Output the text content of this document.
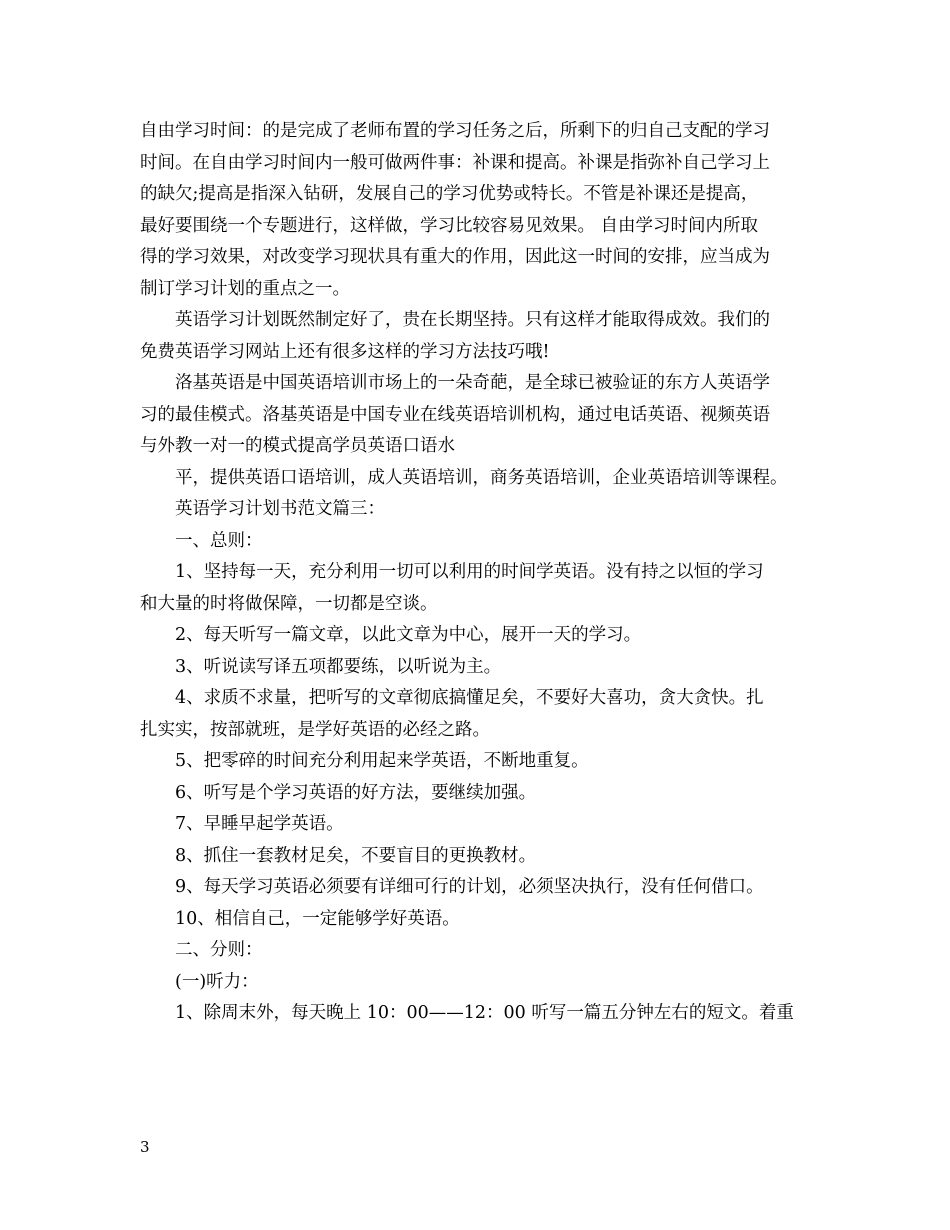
自由学习时间：的是完成了老师布置的学习任务之后，所剩下的归自己支配的学习

时间。在自由学习时间内一般可做两件事：补课和提高。补课是指弥补自己学习上

的缺欠;提高是指深入钻研，发展自己的学习优势或特长。不管是补课还是提高，

最好要围绕一个专题进行，这样做，学习比较容易见效果。 自由学习时间内所取

得的学习效果，对改变学习现状具有重大的作用，因此这一时间的安排，应当成为

制订学习计划的重点之一。

英语学习计划既然制定好了，贵在长期坚持。只有这样才能取得成效。我们的

免费英语学习网站上还有很多这样的学习方法技巧哦!

洛基英语是中国英语培训市场上的一朵奇葩，是全球已被验证的东方人英语学

习的最佳模式。洛基英语是中国专业在线英语培训机构，通过电话英语、视频英语

与外教一对一的模式提高学员英语口语水

平，提供英语口语培训，成人英语培训，商务英语培训，企业英语培训等课程。

英语学习计划书范文篇三：

一、总则：

1、坚持每一天，充分利用一切可以利用的时间学英语。没有持之以恒的学习

和大量的时将做保障，一切都是空谈。

2、每天听写一篇文章，以此文章为中心，展开一天的学习。

3、听说读写译五项都要练，以听说为主。

4、求质不求量，把听写的文章彻底搞懂足矣，不要好大喜功，贪大贪快。扎

扎实实，按部就班，是学好英语的必经之路。

5、把零碎的时间充分利用起来学英语，不断地重复。

6、听写是个学习英语的好方法，要继续加强。

7、早睡早起学英语。

8、抓住一套教材足矣，不要盲目的更换教材。

9、每天学习英语必须要有详细可行的计划，必须坚决执行，没有任何借口。

10、相信自己，一定能够学好英语。

二、分则：

(一)听力：

1、除周末外，每天晚上 10：00——12：00 听写一篇五分钟左右的短文。着重

3
